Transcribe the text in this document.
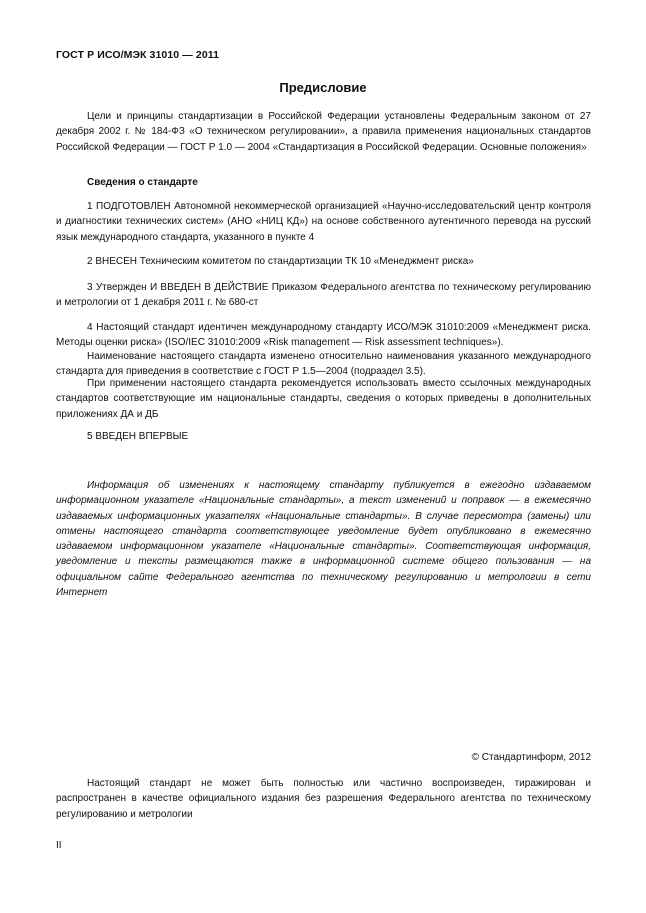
ГОСТ Р ИСО/МЭК 31010 — 2011
Предисловие

Цели и принципы стандартизации в Российской Федерации установлены Федеральным законом от 27 декабря 2002 г. № 184-ФЗ «О техническом регулировании», а правила применения национальных стандартов Российской Федерации — ГОСТ Р 1.0 — 2004 «Стандартизация в Российской Федерации. Основные положения»

Сведения о стандарте

1 ПОДГОТОВЛЕН Автономной некоммерческой организацией «Научно-исследовательский центр контроля и диагностики технических систем» (АНО «НИЦ КД») на основе собственного аутентичного перевода на русский язык международного стандарта, указанного в пункте 4

2 ВНЕСЕН Техническим комитетом по стандартизации ТК 10 «Менеджмент риска»

3 Утвержден И ВВЕДЕН В ДЕЙСТВИЕ Приказом Федерального агентства по техническому регулированию и метрологии от 1 декабря 2011 г. № 680-ст

4 Настоящий стандарт идентичен международному стандарту ИСО/МЭК 31010:2009 «Менеджмент риска. Методы оценки риска» (ISO/IEC 31010:2009 «Risk management — Risk assessment techniques»).

Наименование настоящего стандарта изменено относительно наименования указанного международного стандарта для приведения в соответствие с ГОСТ Р 1.5—2004 (подраздел 3.5).

При применении настоящего стандарта рекомендуется использовать вместо ссылочных международных стандартов соответствующие им национальные стандарты, сведения о которых приведены в дополнительных приложениях ДА и ДБ

5 ВВЕДЕН ВПЕРВЫЕ

Информация об изменениях к настоящему стандарту публикуется в ежегодно издаваемом информационном указателе «Национальные стандарты», а текст изменений и поправок — в ежемесячно издаваемых информационных указателях «Национальные стандарты». В случае пересмотра (замены) или отмены настоящего стандарта соответствующее уведомление будет опубликовано в ежемесячно издаваемом информационном указателе «Национальные стандарты». Соответствующая информация, уведомление и тексты размещаются также в информационной системе общего пользования — на официальном сайте Федерального агентства по техническому регулированию и метрологии в сети Интернет

© Стандартинформ, 2012

Настоящий стандарт не может быть полностью или частично воспроизведен, тиражирован и распространен в качестве официального издания без разрешения Федерального агентства по техническому регулированию и метрологии

II
